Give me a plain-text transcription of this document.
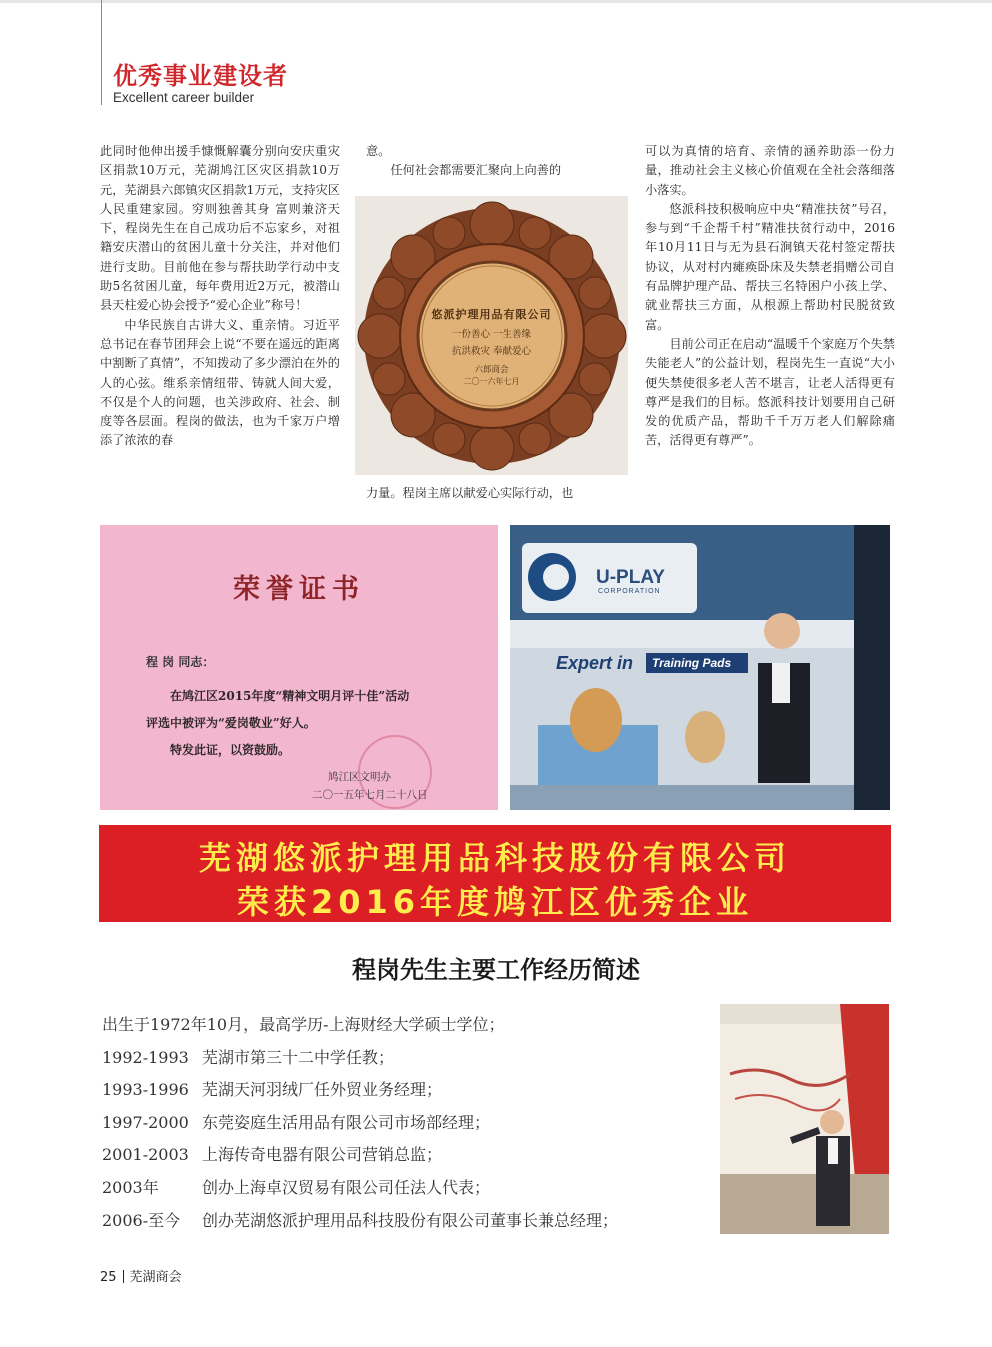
优秀事业建设者
Excellent career builder

此同时他伸出援手慷慨解囊分别向安庆重灾区捐款10万元，芜湖鸠江区灾区捐款10万元，芜湖县六郎镇灾区捐款1万元，支持灾区人民重建家园。穷则独善其身 富则兼济天下，程岗先生在自己成功后不忘家乡，对祖籍安庆潜山的贫困儿童十分关注，并对他们进行支助。目前他在参与帮扶助学行动中支助5名贫困儿童，每年费用近2万元，被潜山县天柱爱心协会授予“爱心企业”称号！

中华民族自古讲大义、重亲情。习近平总书记在春节团拜会上说“不要在遥远的距离中割断了真情”，不知拨动了多少漂泊在外的人的心弦。维系亲情纽带、铸就人间大爱，不仅是个人的问题，也关涉政府、社会、制度等各层面。程岗的做法，也为千家万户增添了浓浓的春

意。

任何社会都需要汇聚向上向善的

力量。程岗主席以献爱心实际行动，也

悠派护理用品有限公司
一份善心 一生善缘
抗洪救灾 奉献爱心
六郎商会
二〇一六年七月

可以为真情的培育、亲情的涵养助添一份力量，推动社会主义核心价值观在全社会落细落小落实。

悠派科技积极响应中央“精准扶贫”号召，参与到“千企帮千村”精准扶贫行动中，2016年10月11日与无为县石涧镇天花村签定帮扶协议，从对村内瘫痪卧床及失禁老捐赠公司自有品牌护理产品、帮扶三名特困户小孩上学、就业帮扶三方面，从根源上帮助村民脱贫致富。

目前公司正在启动“温暖千个家庭万个失禁失能老人”的公益计划，程岗先生一直说“大小便失禁使很多老人苦不堪言，让老人活得更有尊严是我们的目标。悠派科技计划要用自己研发的优质产品，帮助千千万万老人们解除痛苦，活得更有尊严”。

荣誉证书
程 岗 同志：
在鸠江区2015年度“精神文明月评十佳”活动
评选中被评为“爱岗敬业”好人。
特发此证，以资鼓励。
鸠江区文明办
二〇一五年七月二十八日
U-PLAY
CORPORATION
Expert in	Training Pads
芜湖悠派护理用品科技股份有限公司
荣获2016年度鸠江区优秀企业
程岗先生主要工作经历简述
出生于1972年10月，最高学历-上海财经大学硕士学位；
1992-1993 芜湖市第三十二中学任教；
1993-1996 芜湖天河羽绒厂任外贸业务经理；
1997-2000 东莞姿庭生活用品有限公司市场部经理；
2001-2003 上海传奇电器有限公司营销总监；
2003年	创办上海卓汉贸易有限公司任法人代表；
2006-至今 创办芜湖悠派护理用品科技股份有限公司董事长兼总经理；
25 芜湖商会
